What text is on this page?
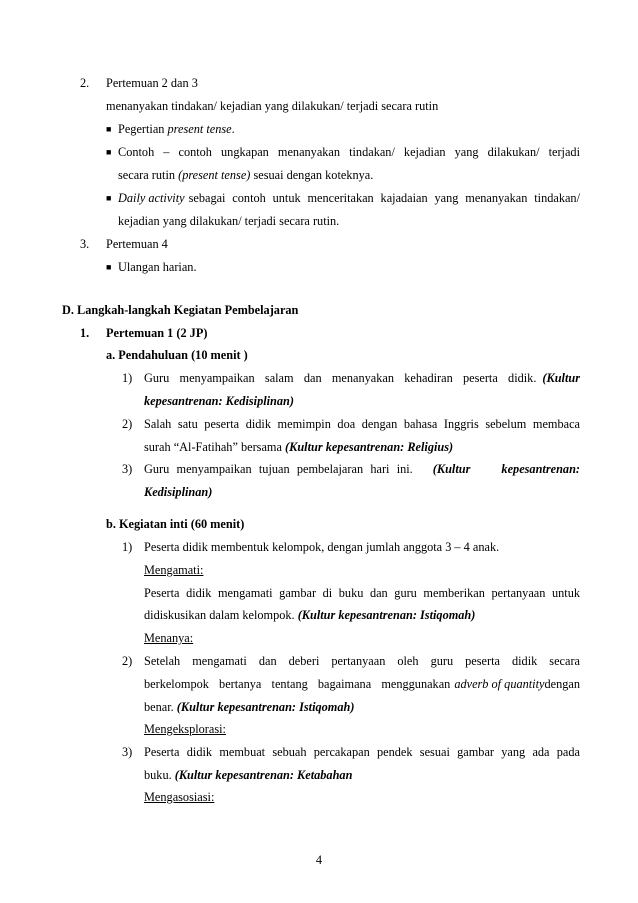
2. Pertemuan 2 dan 3
menanyakan tindakan/ kejadian yang dilakukan/ terjadi secara rutin
■ Pegertian present tense.
■ Contoh – contoh ungkapan menanyakan tindakan/ kejadian yang dilakukan/ terjadi
secara rutin (present tense) sesuai dengan koteknya.
■ Daily activity sebagai contoh untuk menceritakan kajadaian yang menanyakan tindakan/
kejadian yang dilakukan/ terjadi secara rutin.
3. Pertemuan 4
■ Ulangan harian.
D. Langkah-langkah Kegiatan Pembelajaran
1. Pertemuan 1 (2 JP)
a. Pendahuluan (10 menit )
1) Guru menyampaikan salam dan menanyakan kehadiran peserta didik. (Kultur
kepesantrenan: Kedisiplinan)
2) Salah satu peserta didik memimpin doa dengan bahasa Inggris sebelum membaca
surah “Al-Fatihah” bersama (Kultur kepesantrenan: Religius)
3) Guru menyampaikan tujuan pembelajaran hari ini. (Kultur kepesantrenan:
Kedisiplinan)
b. Kegiatan inti (60 menit)
1) Peserta didik membentuk kelompok, dengan jumlah anggota 3 – 4 anak.
Mengamati:
Peserta didik mengamati gambar di buku dan guru memberikan pertanyaan untuk
didiskusikan dalam kelompok. (Kultur kepesantrenan: Istiqomah)
Menanya:
2) Setelah mengamati dan deberi pertanyaan oleh guru peserta didik secara
berkelompok bertanya tentang bagaimana menggunakan adverb of quantity dengan
benar. (Kultur kepesantrenan: Istiqomah)
Mengeksplorasi:
3) Peserta didik membuat sebuah percakapan pendek sesuai gambar yang ada pada
buku. (Kultur kepesantrenan: Ketabahan
Mengasosiasi:
4
